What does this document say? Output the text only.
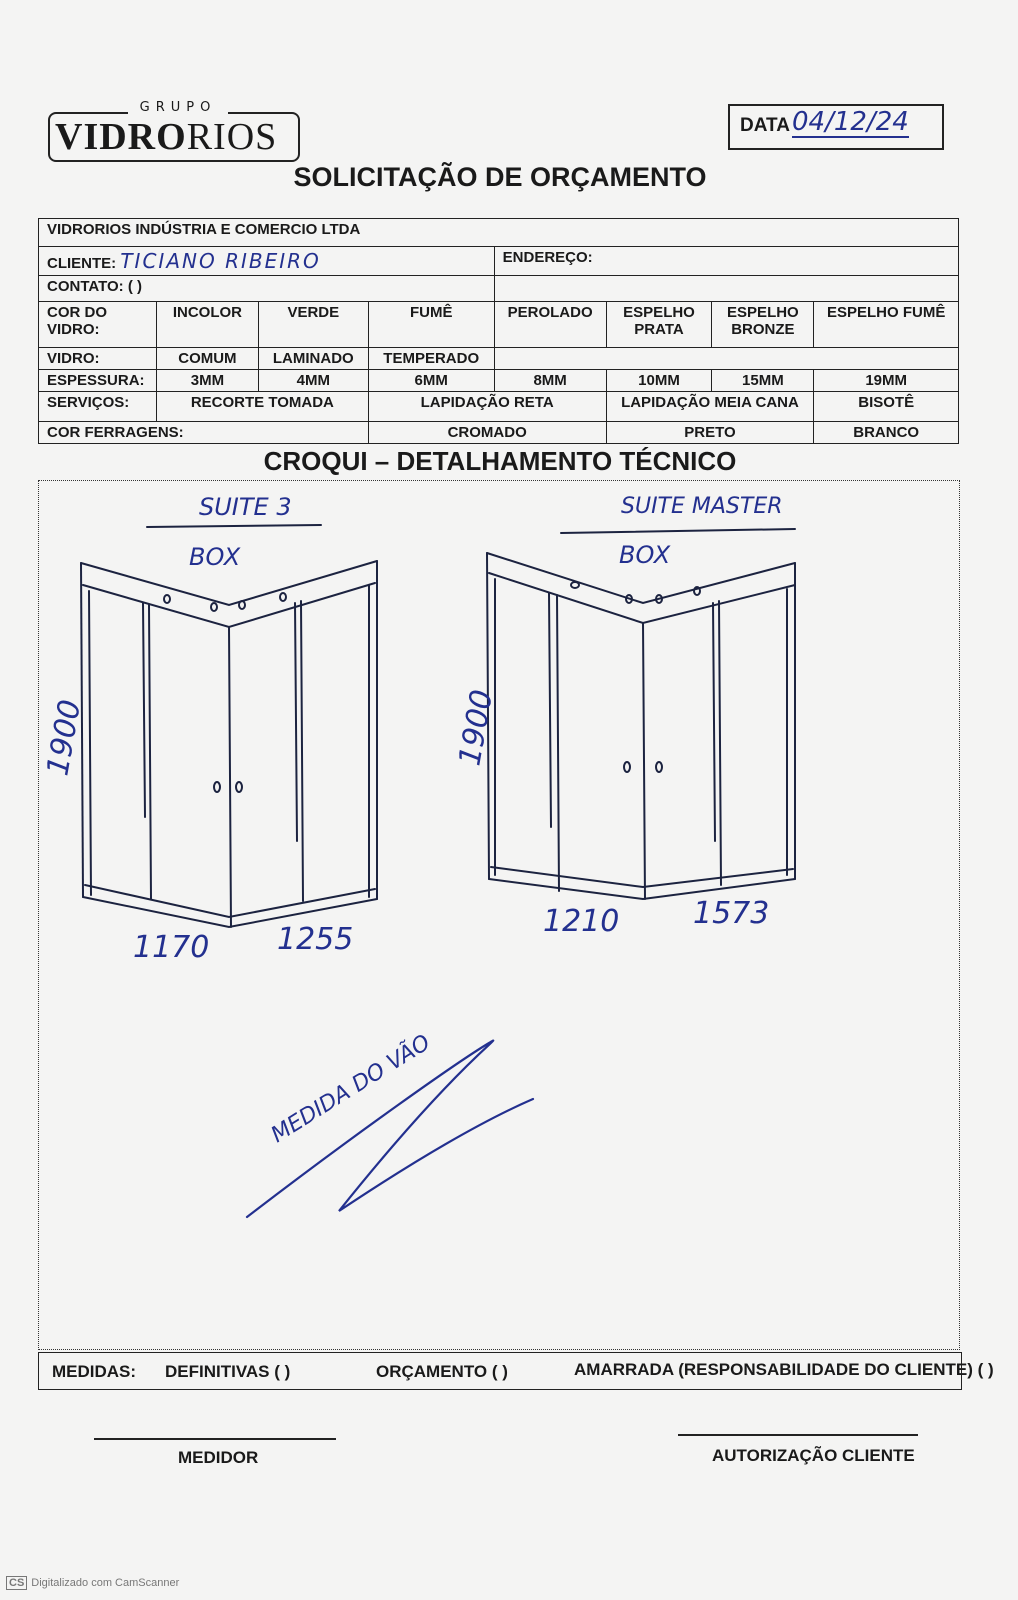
VIDRORIOS
GRUPO
DATA 04/12/24
SOLICITAÇÃO DE ORÇAMENTO
VIDRORIOS INDÚSTRIA E COMERCIO LTDA							
CLIENTE: TICIANO RIBEIRO				ENDEREÇO:			
CONTATO: ( )							
COR DO VIDRO:	INCOLOR	VERDE	FUMÊ	PEROLADO	ESPELHO PRATA	ESPELHO BRONZE	ESPELHO FUMÊ
VIDRO:	COMUM	LAMINADO	TEMPERADO				
ESPESSURA:	3MM	4MM	6MM	8MM	10MM	15MM	19MM
SERVIÇOS:	RECORTE TOMADA		LAPIDAÇÃO RETA		LAPIDAÇÃO MEIA CANA		BISOTÊ
COR FERRAGENS:			CROMADO		PRETO		BRANCO
CROQUI – DETALHAMENTO TÉCNICO
SUITE 3
BOX
1900
1170 1255
SUITE MASTER
BOX
1900
1210 1573
MEDIDA DO VÃO
MEDIDAS: DEFINITIVAS ( )	ORÇAMENTO ( )	AMARRADA (RESPONSABILIDADE DO CLIENTE) ( )
MEDIDOR	AUTORIZAÇÃO CLIENTE
CS Digitalizado com CamScanner
